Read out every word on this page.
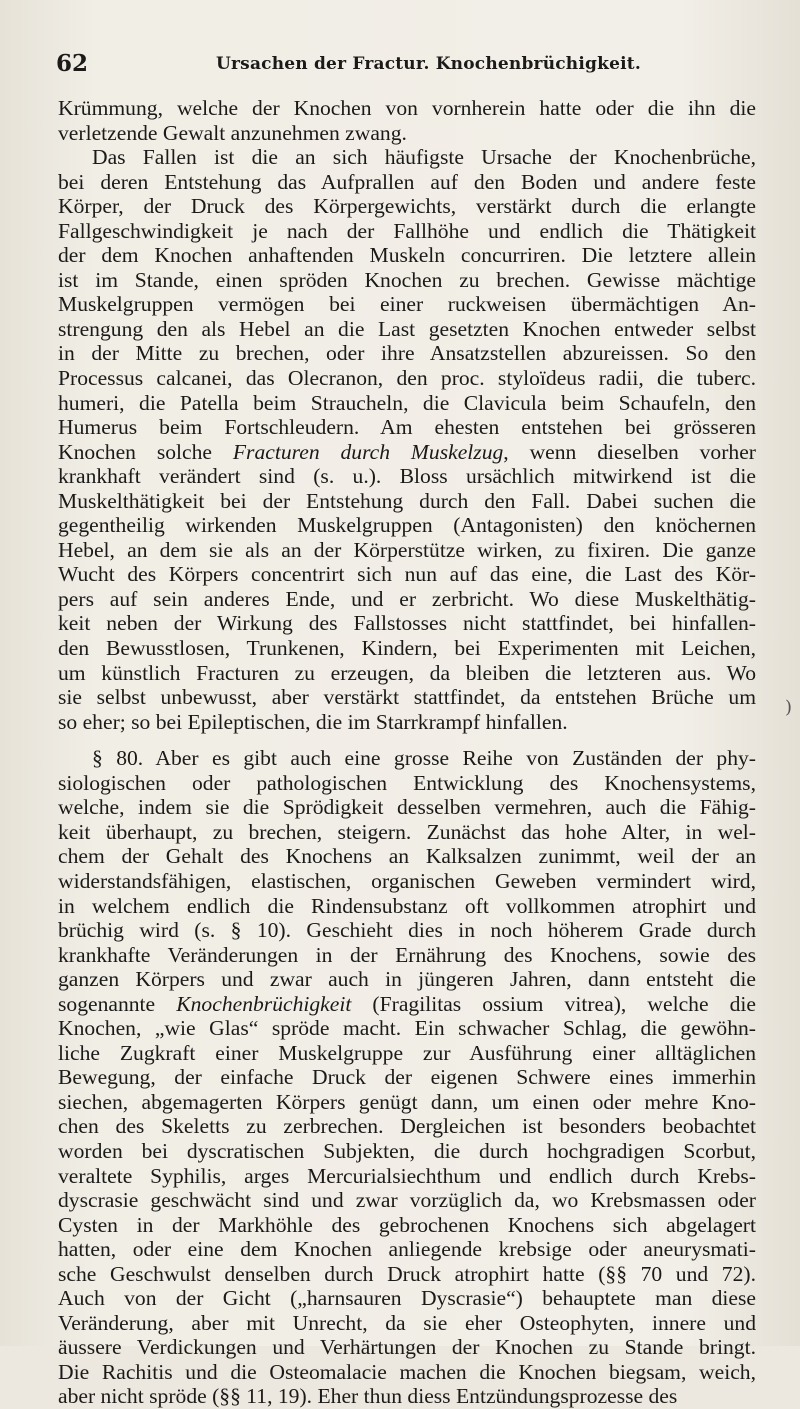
62	Ursachen der Fractur. Knochenbrüchigkeit.
Krümmung, welche der Knochen von vornherein hatte oder die ihn die
verletzende Gewalt anzunehmen zwang.
Das Fallen ist die an sich häufigste Ursache der Knochenbrüche,
bei deren Entstehung das Aufprallen auf den Boden und andere feste
Körper, der Druck des Körpergewichts, verstärkt durch die erlangte
Fallgeschwindigkeit je nach der Fallhöhe und endlich die Thätigkeit
der dem Knochen anhaftenden Muskeln concurriren. Die letztere allein
ist im Stande, einen spröden Knochen zu brechen. Gewisse mächtige
Muskelgruppen vermögen bei einer ruckweisen übermächtigen An-
strengung den als Hebel an die Last gesetzten Knochen entweder selbst
in der Mitte zu brechen, oder ihre Ansatzstellen abzureissen. So den
Processus calcanei, das Olecranon, den proc. styloïdeus radii, die tuberc.
humeri, die Patella beim Straucheln, die Clavicula beim Schaufeln, den
Humerus beim Fortschleudern. Am ehesten entstehen bei grösseren
Knochen solche Fracturen durch Muskelzug, wenn dieselben vorher
krankhaft verändert sind (s. u.). Bloss ursächlich mitwirkend ist die
Muskelthätigkeit bei der Entstehung durch den Fall. Dabei suchen die
gegentheilig wirkenden Muskelgruppen (Antagonisten) den knöchernen
Hebel, an dem sie als an der Körperstütze wirken, zu fixiren. Die ganze
Wucht des Körpers concentrirt sich nun auf das eine, die Last des Kör-
pers auf sein anderes Ende, und er zerbricht. Wo diese Muskelthätig-
keit neben der Wirkung des Fallstosses nicht stattfindet, bei hinfallen-
den Bewusstlosen, Trunkenen, Kindern, bei Experimenten mit Leichen,
um künstlich Fracturen zu erzeugen, da bleiben die letzteren aus. Wo
sie selbst unbewusst, aber verstärkt stattfindet, da entstehen Brüche um
so eher; so bei Epileptischen, die im Starrkrampf hinfallen.
§ 80. Aber es gibt auch eine grosse Reihe von Zuständen der phy-
siologischen oder pathologischen Entwicklung des Knochensystems,
welche, indem sie die Sprödigkeit desselben vermehren, auch die Fähig-
keit überhaupt, zu brechen, steigern. Zunächst das hohe Alter, in wel-
chem der Gehalt des Knochens an Kalksalzen zunimmt, weil der an
widerstandsfähigen, elastischen, organischen Geweben vermindert wird,
in welchem endlich die Rindensubstanz oft vollkommen atrophirt und
brüchig wird (s. § 10). Geschieht dies in noch höherem Grade durch
krankhafte Veränderungen in der Ernährung des Knochens, sowie des
ganzen Körpers und zwar auch in jüngeren Jahren, dann entsteht die
sogenannte Knochenbrüchigkeit (Fragilitas ossium vitrea), welche die
Knochen, „wie Glas“ spröde macht. Ein schwacher Schlag, die gewöhn-
liche Zugkraft einer Muskelgruppe zur Ausführung einer alltäglichen
Bewegung, der einfache Druck der eigenen Schwere eines immerhin
siechen, abgemagerten Körpers genügt dann, um einen oder mehre Kno-
chen des Skeletts zu zerbrechen. Dergleichen ist besonders beobachtet
worden bei dyscratischen Subjekten, die durch hochgradigen Scorbut,
veraltete Syphilis, arges Mercurialsiechthum und endlich durch Krebs-
dyscrasie geschwächt sind und zwar vorzüglich da, wo Krebsmassen oder
Cysten in der Markhöhle des gebrochenen Knochens sich abgelagert
hatten, oder eine dem Knochen anliegende krebsige oder aneurysmati-
sche Geschwulst denselben durch Druck atrophirt hatte (§§ 70 und 72).
Auch von der Gicht („harnsauren Dyscrasie“) behauptete man diese
Veränderung, aber mit Unrecht, da sie eher Osteophyten, innere und
äussere Verdickungen und Verhärtungen der Knochen zu Stande bringt.
Die Rachitis und die Osteomalacie machen die Knochen biegsam, weich,
aber nicht spröde (§§ 11, 19). Eher thun diess Entzündungsprozesse des
)
